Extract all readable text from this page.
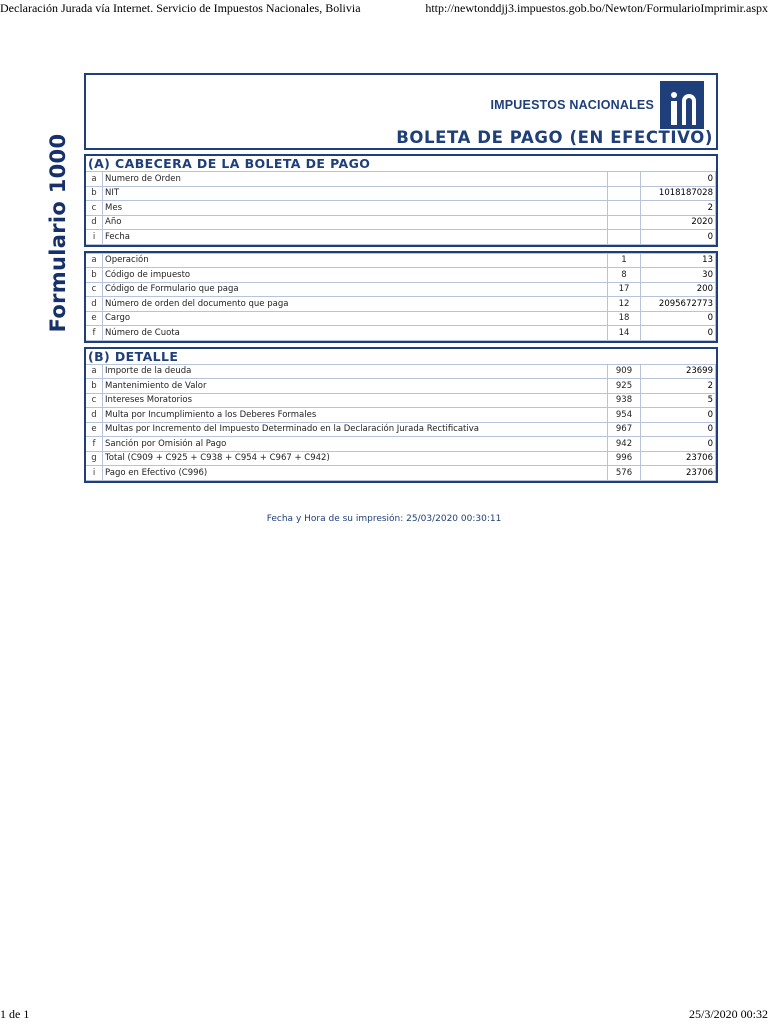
Declaración Jurada vía Internet. Servicio de Impuestos Nacionales, Bolivia	http://newtonddjj3.impuestos.gob.bo/Newton/FormularioImprimir.aspx
Formulario 1000
IMPUESTOS NACIONALES
BOLETA DE PAGO (EN EFECTIVO)
(A) CABECERA DE LA BOLETA DE PAGO
a	Numero de Orden		0
b	NIT		1018187028
c	Mes		2
d	Año		2020
i	Fecha		0
a	Operación	1	13
b	Código de impuesto	8	30
c	Código de Formulario que paga	17	200
d	Número de orden del documento que paga	12	2095672773
e	Cargo	18	0
f	Número de Cuota	14	0
(B) DETALLE
a	Importe de la deuda	909	23699
b	Mantenimiento de Valor	925	2
c	Intereses Moratorios	938	5
d	Multa por Incumplimiento a los Deberes Formales	954	0
e	Multas por Incremento del Impuesto Determinado en la Declaración Jurada Rectificativa	967	0
f	Sanción por Omisión al Pago	942	0
g	Total (C909 + C925 + C938 + C954 + C967 + C942)	996	23706
i	Pago en Efectivo (C996)	576	23706
Fecha y Hora de su impresión: 25/03/2020 00:30:11
1 de 1	25/3/2020 00:32
